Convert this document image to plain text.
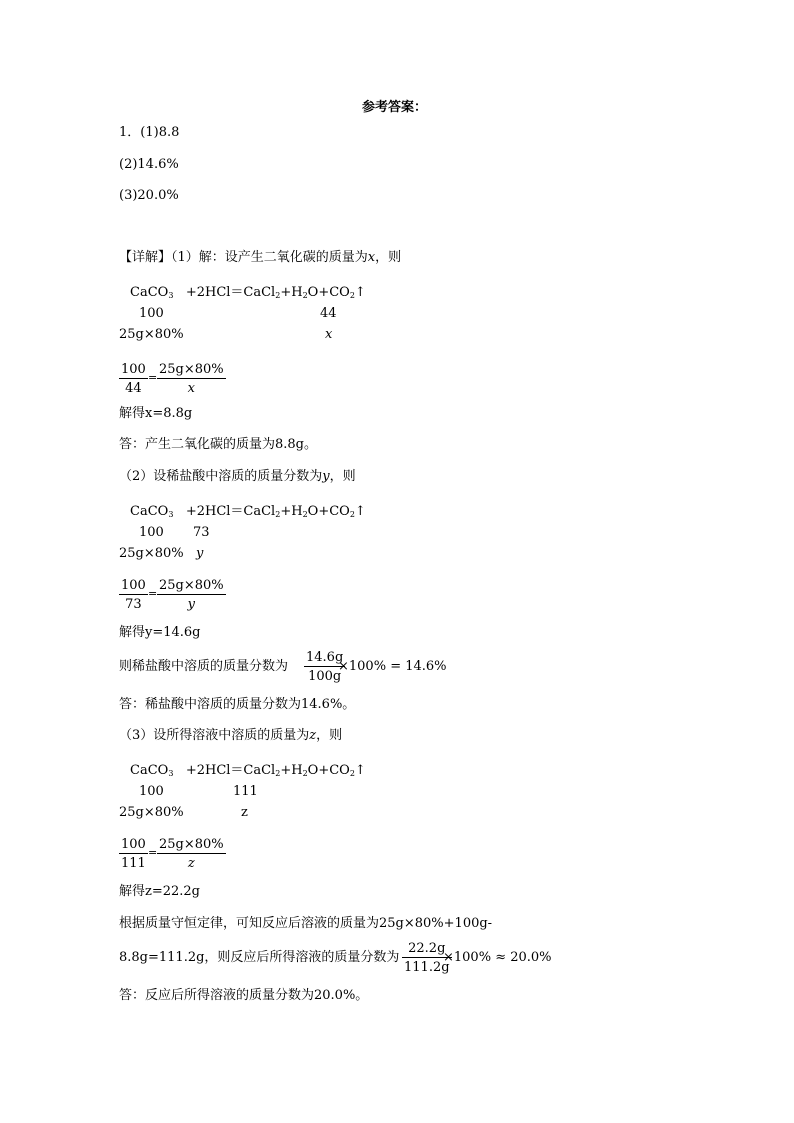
参考答案：
1．(1)8.8
(2)14.6%
(3)20.0%
【详解】（1）解：设产生二氧化碳的质量为x，则
CaCO$_3$ $+2HCl=CaCl_2+H_2O+CO_2↑$
100	44
25g×80%	x
$\frac{100}{44} = \frac{25g\times 80\%}{x}$
解得x=8.8g
答：产生二氧化碳的质量为8.8g。
（2）设稀盐酸中溶质的质量分数为y，则
CaCO$_3$ $+2HCl=CaCl_2+H_2O+CO_2↑$
100 73
25g×80% y
$\frac{100}{73} = \frac{25g\times 80\%}{y}$
解得y=14.6g
则稀盐酸中溶质的质量分数为 $\frac{14.6g}{100g}$
×100% = 14.6%
答：稀盐酸中溶质的质量分数为14.6%。
（3）设所得溶液中溶质的质量为z，则
CaCO$_3$ $+2HCl=CaCl_2+H_2O+CO_2↑$
100	111
25g×80%	z
$\frac{100}{111} = \frac{25g\times 80\%}{z}$
解得z=22.2g
根据质量守恒定律，可知反应后溶液的质量为25g×80%+100g-
8.8g=111.2g，则反应后所得溶液的质量分数为 $\frac{22.2g}{111.2g}$
×100% ≈ 20.0%
答：反应后所得溶液的质量分数为20.0%。
